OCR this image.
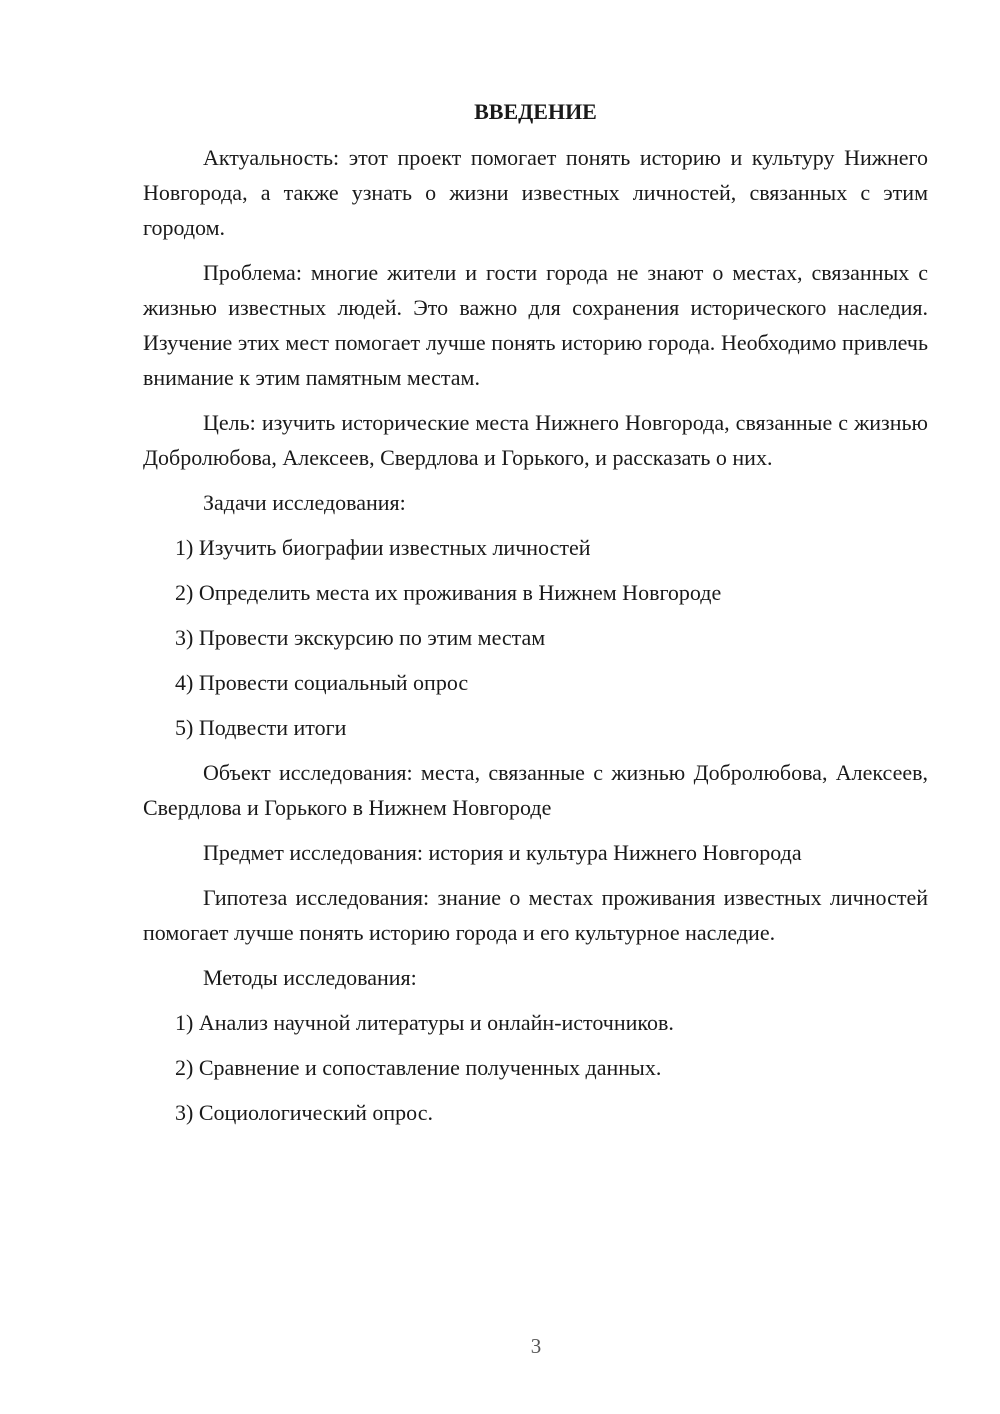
ВВЕДЕНИЕ

Актуальность: этот проект помогает понять историю и культуру Нижнего Новгорода, а также узнать о жизни известных личностей, связанных с этим городом.

Проблема: многие жители и гости города не знают о местах, связанных с жизнью известных людей. Это важно для сохранения исторического наследия. Изучение этих мест помогает лучше понять историю города. Необходимо привлечь внимание к этим памятным местам.

Цель: изучить исторические места Нижнего Новгорода, связанные с жизнью Добролюбова, Алексеев, Свердлова и Горького, и рассказать о них.

Задачи исследования:

1) Изучить биографии известных личностей
2) Определить места их проживания в Нижнем Новгороде
3) Провести экскурсию по этим местам
4) Провести социальный опрос
5) Подвести итоги

Объект исследования: места, связанные с жизнью Добролюбова, Алексеев, Свердлова и Горького в Нижнем Новгороде

Предмет исследования: история и культура Нижнего Новгорода

Гипотеза исследования: знание о местах проживания известных личностей помогает лучше понять историю города и его культурное наследие.

Методы исследования:

1) Анализ научной литературы и онлайн-источников.
2) Сравнение и сопоставление полученных данных.
3) Социологический опрос.
3
